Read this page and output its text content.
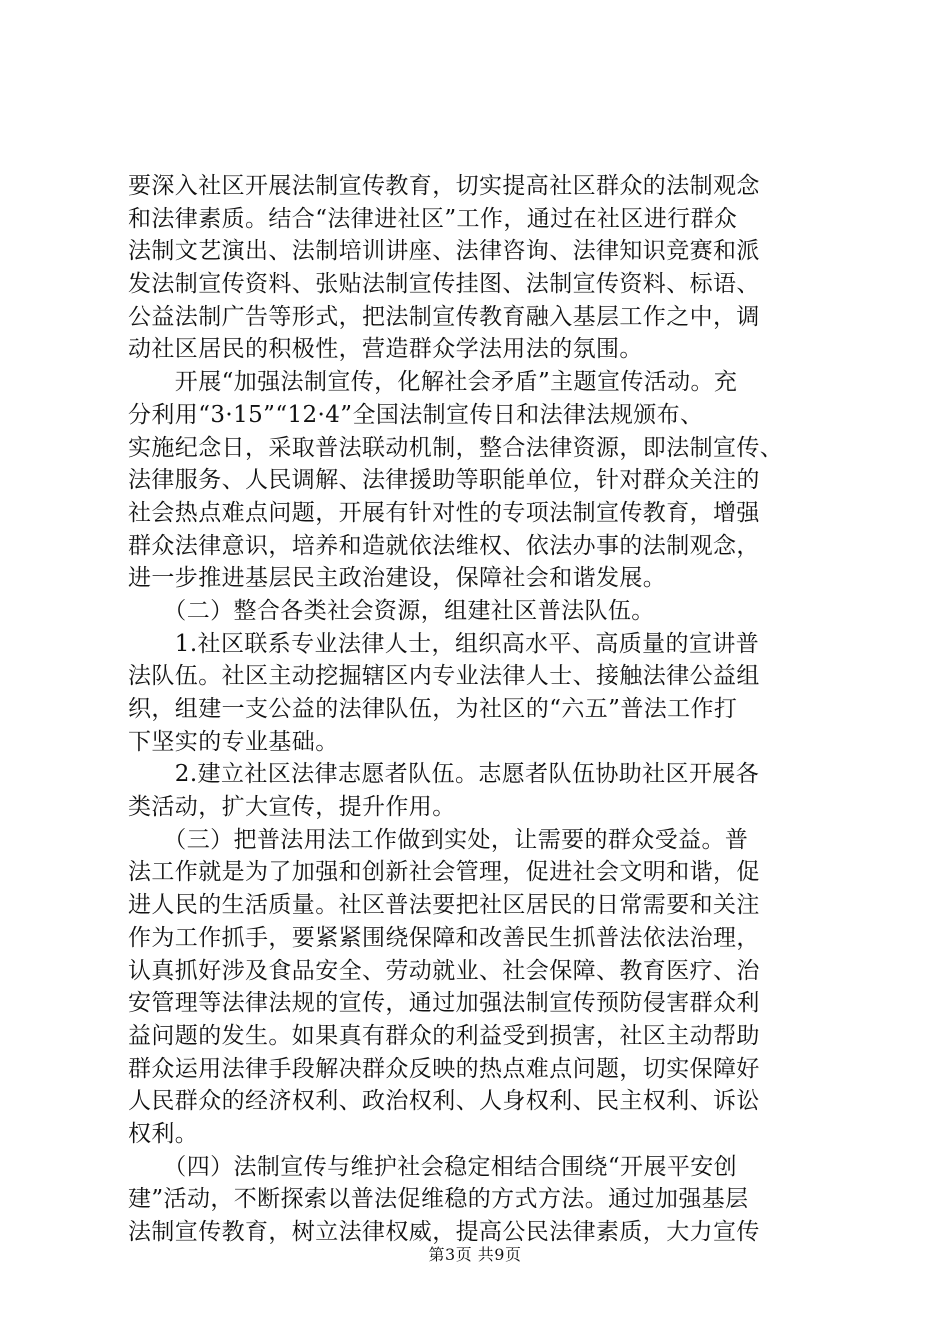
要深入社区开展法制宣传教育，切实提高社区群众的法制观念
和法律素质。结合“法律进社区”工作，通过在社区进行群众
法制文艺演出、法制培训讲座、法律咨询、法律知识竞赛和派
发法制宣传资料、张贴法制宣传挂图、法制宣传资料、标语、
公益法制广告等形式，把法制宣传教育融入基层工作之中，调
动社区居民的积极性，营造群众学法用法的氛围。
　　开展“加强法制宣传，化解社会矛盾”主题宣传活动。充
分利用“3·15”“12·4”全国法制宣传日和法律法规颁布、
实施纪念日，采取普法联动机制，整合法律资源，即法制宣传、
法律服务、人民调解、法律援助等职能单位，针对群众关注的
社会热点难点问题，开展有针对性的专项法制宣传教育，增强
群众法律意识，培养和造就依法维权、依法办事的法制观念，
进一步推进基层民主政治建设，保障社会和谐发展。
　　（二）整合各类社会资源，组建社区普法队伍。
　　1.社区联系专业法律人士，组织高水平、高质量的宣讲普
法队伍。社区主动挖掘辖区内专业法律人士、接触法律公益组
织，组建一支公益的法律队伍，为社区的“六五”普法工作打
下坚实的专业基础。
　　2.建立社区法律志愿者队伍。志愿者队伍协助社区开展各
类活动，扩大宣传，提升作用。
　　（三）把普法用法工作做到实处，让需要的群众受益。普
法工作就是为了加强和创新社会管理，促进社会文明和谐，促
进人民的生活质量。社区普法要把社区居民的日常需要和关注
作为工作抓手，要紧紧围绕保障和改善民生抓普法依法治理，
认真抓好涉及食品安全、劳动就业、社会保障、教育医疗、治
安管理等法律法规的宣传，通过加强法制宣传预防侵害群众利
益问题的发生。如果真有群众的利益受到损害，社区主动帮助
群众运用法律手段解决群众反映的热点难点问题，切实保障好
人民群众的经济权利、政治权利、人身权利、民主权利、诉讼
权利。
　　（四）法制宣传与维护社会稳定相结合围绕“开展平安创
建”活动，不断探索以普法促维稳的方式方法。通过加强基层
法制宣传教育，树立法律权威，提高公民法律素质，大力宣传
第3页 共9页
